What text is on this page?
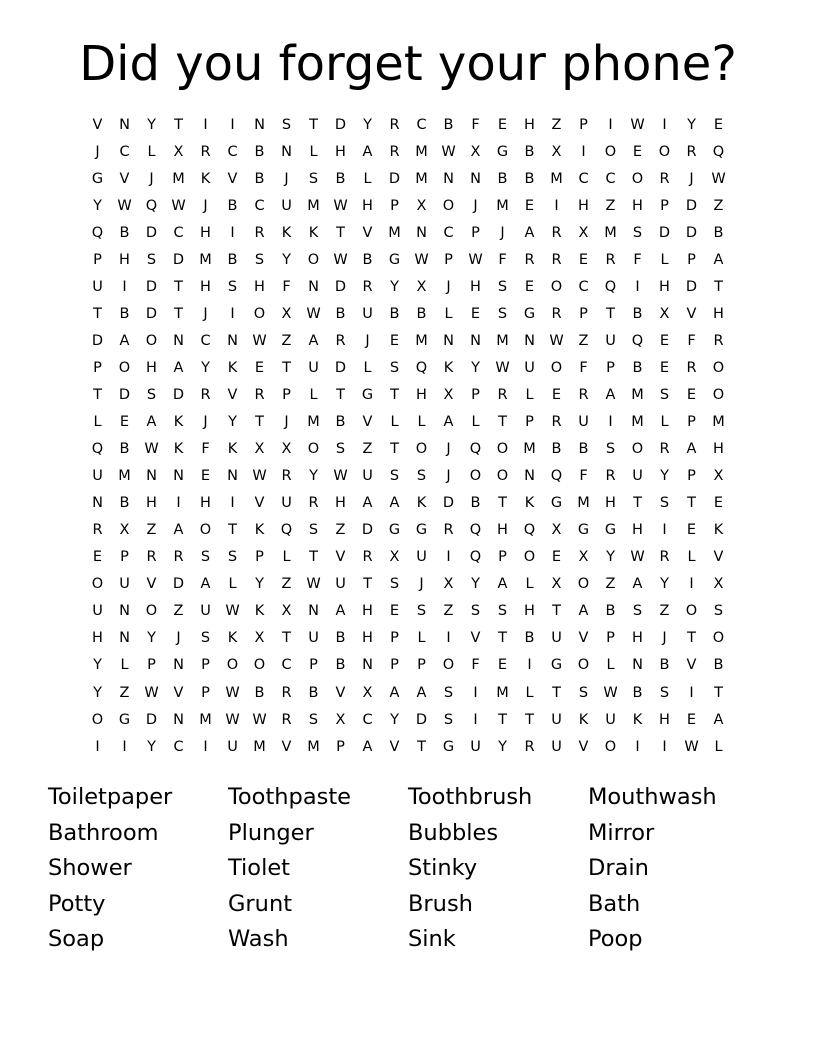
Did you forget your phone?
V	N	Y	T	I	I	N	S	T	D	Y	R	C	B	F	E	H	Z	P	I	W	I	Y	E
J	C	L	X	R	C	B	N	L	H	A	R	M W	X	G	B	X	I	O	E	O	R	Q
G	V	J	M	K	V	B	J	S	B	L	D	M	N	N	B	B	M	C	C	O	R	J	W
Y	W Q W	J	B	C	U	M W H	P	X	O	J	M	E	I	H	Z	H	P	D	Z
Q	B	D	C	H	I	R	K	K	T	V	M	N	C	P	J	A	R	X	M	S	D	D	B
P	H	S	D	M	B	S	Y	O W	B	G W	P	W	F	R	R	E	R	F	L	P	A
U	I	D	T	H	S	H	F	N	D	R	Y	X	J	H	S	E	O	C	Q	I	H	D	T
T	B	D	T	J	I	O	X	W	B	U	B	B	L	E	S	G	R	P	T	B	X	V	H
D	A	O	N	C	N W	Z	A	R	J	E	M	N	N	M	N W	Z	U	Q	E	F	R
P	O	H	A	Y	K	E	T	U	D	L	S	Q	K	Y	W	U	O	F	P	B	E	R	O
T	D	S	D	R	V	R	P	L	T	G	T	H	X	P	R	L	E	R	A	M	S	E	O
L	E	A	K	J	Y	T	J	M	B	V	L	L	A	L	T	P	R	U	I	M	L	P	M
Q	B	W	K	F	K	X	X	O	S	Z	T	O	J	Q	O	M	B	B	S	O	R	A	H
U	M	N	N	E	N W	R	Y	W	U	S	S	J	O	O	N	Q	F	R	U	Y	P	X
N	B	H	I	H	I	V	U	R	H	A	A	K	D	B	T	K	G	M	H	T	S	T	E
R	X	Z	A	O	T	K	Q	S	Z	D	G	G	R	Q	H	Q	X	G	G	H	I	E	K
E	P	R	R	S	S	P	L	T	V	R	X	U	I	Q	P	O	E	X	Y	W	R	L	V
O	U	V	D	A	L	Y	Z	W	U	T	S	J	X	Y	A	L	X	O	Z	A	Y	I	X
U	N	O	Z	U	W	K	X	N	A	H	E	S	Z	S	S	H	T	A	B	S	Z	O	S
H	N	Y	J	S	K	X	T	U	B	H	P	L	I	V	T	B	U	V	P	H	J	T	O
Y	L	P	N	P	O	O	C	P	B	N	P	P	O	F	E	I	G	O	L	N	B	V	B
Y	Z	W	V	P	W	B	R	B	V	X	A	A	S	I	M	L	T	S	W	B	S	I	T
O	G	D	N	M W W	R	S	X	C	Y	D	S	I	T	T	U	K	U	K	H	E	A
I	I	Y	C	I	U	M	V	M	P	A	V	T	G	U	Y	R	U	V	O	I	I	W	L
Toiletpaper	Toothpaste	Toothbrush	Mouthwash
Bathroom	Plunger	Bubbles	Mirror
Shower	Tiolet	Stinky	Drain
Potty	Grunt	Brush	Bath
Soap	Wash	Sink	Poop
